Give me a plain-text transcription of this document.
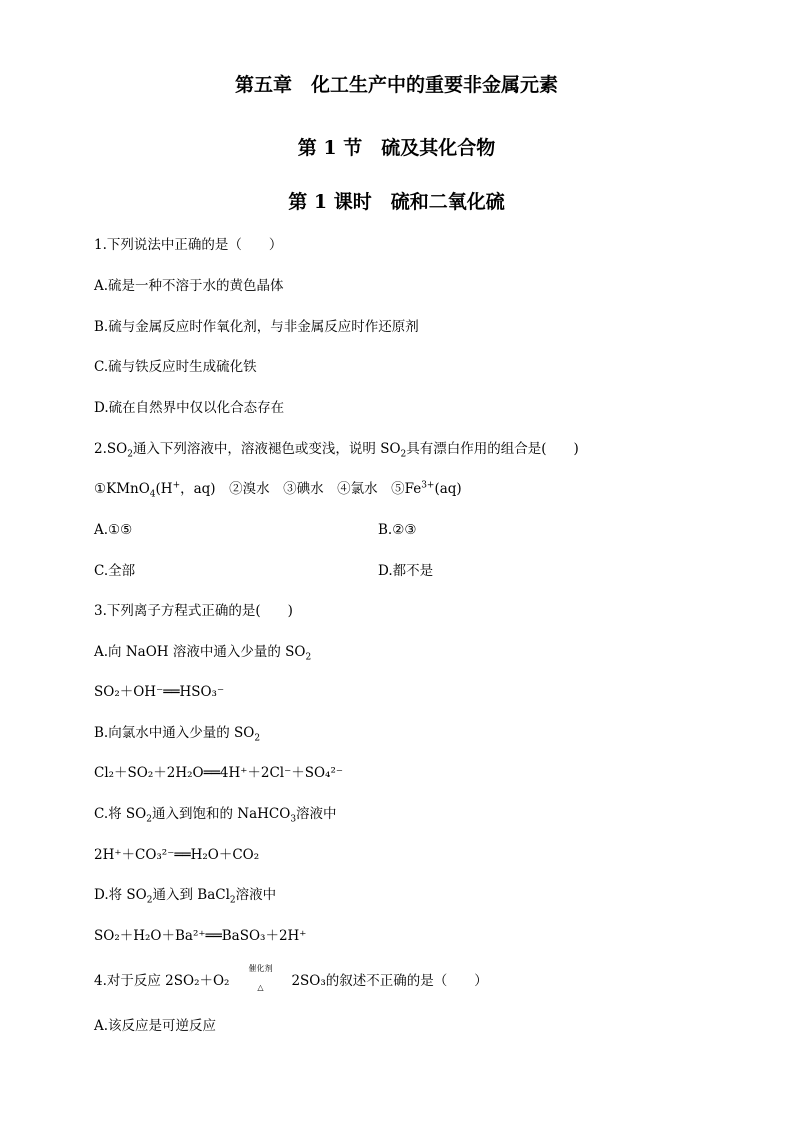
第五章　化工生产中的重要非金属元素
第 1 节　硫及其化合物
第 1 课时　硫和二氧化硫
1.下列说法中正确的是（　　）
A.硫是一种不溶于水的黄色晶体
B.硫与金属反应时作氧化剂，与非金属反应时作还原剂
C.硫与铁反应时生成硫化铁
D.硫在自然界中仅以化合态存在
$2.SO_2$通入下列溶液中，溶液褪色或变浅，说明 $SO_2$具有漂白作用的组合是(　　)
①KMnO$_4$(H+，aq)　②溴水　③碘水　④氯水　$⑤Fe^{3+}(aq)$
A.①⑤	B.②③
C.全部	D.都不是
3.下列离子方程式正确的是(　　)
A.向 NaOH 溶液中通入少量的 $SO_2$
SO₂＋OH⁻══HSO₃⁻
B.向氯水中通入少量的 $SO_2$
Cl₂＋SO₂＋2H₂O══4H⁺＋2Cl⁻＋SO₄²⁻
C.将 $SO_2$通入到饱和的 NaHCO$_3$溶液中
2H⁺＋CO₃²⁻══H₂O＋CO₂
D.将 $SO_2$通入到 BaCl$_2$溶液中
SO₂＋H₂O＋Ba²⁺══BaSO₃＋2H⁺
4.对于反应 2SO₂＋O₂
催化剂
△	2SO₃的叙述不正确的是（　　）
A.该反应是可逆反应
